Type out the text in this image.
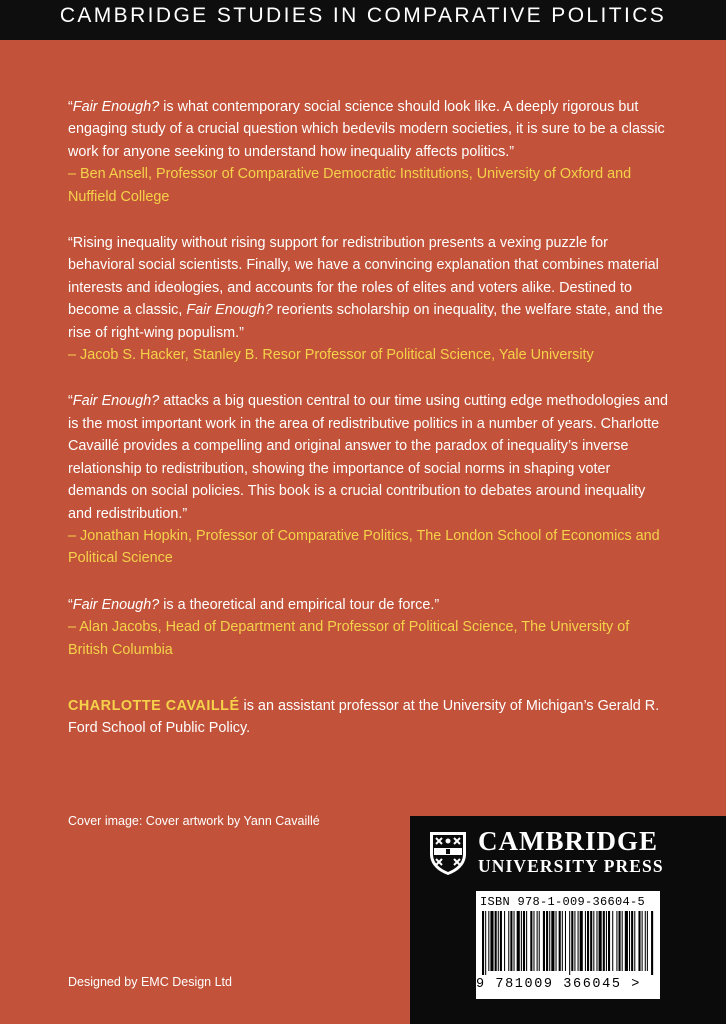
CAMBRIDGE STUDIES IN COMPARATIVE POLITICS

“Fair Enough? is what contemporary social science should look like. A deeply rigorous but engaging study of a crucial question which bedevils modern societies, it is sure to be a classic work for anyone seeking to understand how inequality affects politics.”

– Ben Ansell, Professor of Comparative Democratic Institutions, University of Oxford and Nuffield College

“Rising inequality without rising support for redistribution presents a vexing puzzle for behavioral social scientists. Finally, we have a convincing explanation that combines material interests and ideologies, and accounts for the roles of elites and voters alike. Destined to become a classic, Fair Enough? reorients scholarship on inequality, the welfare state, and the rise of right-wing populism.”

– Jacob S. Hacker, Stanley B. Resor Professor of Political Science, Yale University

“Fair Enough? attacks a big question central to our time using cutting edge methodologies and is the most important work in the area of redistributive politics in a number of years. Charlotte Cavaillé provides a compelling and original answer to the paradox of inequality’s inverse relationship to redistribution, showing the importance of social norms in shaping voter demands on social policies. This book is a crucial contribution to debates around inequality and redistribution.”

– Jonathan Hopkin, Professor of Comparative Politics, The London School of Economics and Political Science

“Fair Enough? is a theoretical and empirical tour de force.”

– Alan Jacobs, Head of Department and Professor of Political Science, The University of British Columbia

CHARLOTTE CAVAILLÉ is an assistant professor at the University of Michigan’s Gerald R. Ford School of Public Policy.
Cover image: Cover artwork by Yann Cavaillé
Designed by EMC Design Ltd
CAMBRIDGE
UNIVERSITY PRESS
ISBN 978-1-009-36604-5
9 781009 366045 >
